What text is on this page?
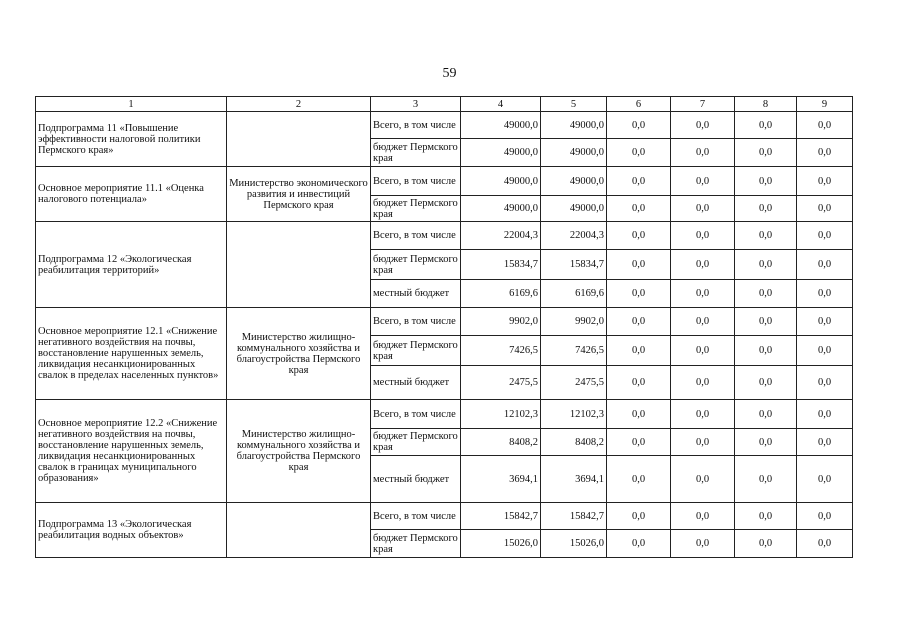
59
1	2	3	4	5	6	7	8	9
Подпрограмма 11 «Повышение эффективности налоговой политики Пермского края»		Всего, в том числе	49000,0	49000,0	0,0	0,0	0,0	0,0
		бюджет Пермского края	49000,0	49000,0	0,0	0,0	0,0	0,0
Основное мероприятие 11.1 «Оценка налогового потенциала»	Министерство экономического развития и инвестиций Пермского края	Всего, в том числе	49000,0	49000,0	0,0	0,0	0,0	0,0
		бюджет Пермского края	49000,0	49000,0	0,0	0,0	0,0	0,0
Подпрограмма 12 «Экологическая реабилитация территорий»		Всего, в том числе	22004,3	22004,3	0,0	0,0	0,0	0,0
		бюджет Пермского края	15834,7	15834,7	0,0	0,0	0,0	0,0
		местный бюджет	6169,6	6169,6	0,0	0,0	0,0	0,0
Основное мероприятие 12.1 «Снижение негативного воздействия на почвы, восстановление нарушенных земель, ликвидация несанкционированных свалок в пределах населенных пунктов»	Министерство жилищно-коммунального хозяйства и благоустройства Пермского края	Всего, в том числе	9902,0	9902,0	0,0	0,0	0,0	0,0
		бюджет Пермского края	7426,5	7426,5	0,0	0,0	0,0	0,0
		местный бюджет	2475,5	2475,5	0,0	0,0	0,0	0,0
Основное мероприятие 12.2 «Снижение негативного воздействия на почвы, восстановление нарушенных земель, ликвидация несанкционированных свалок в границах муниципального образования»	Министерство жилищно-коммунального хозяйства и благоустройства Пермского края	Всего, в том числе	12102,3	12102,3	0,0	0,0	0,0	0,0
		бюджет Пермского края	8408,2	8408,2	0,0	0,0	0,0	0,0
		местный бюджет	3694,1	3694,1	0,0	0,0	0,0	0,0
Подпрограмма 13 «Экологическая реабилитация водных объектов»		Всего, в том числе	15842,7	15842,7	0,0	0,0	0,0	0,0
		бюджет Пермского края	15026,0	15026,0	0,0	0,0	0,0	0,0
